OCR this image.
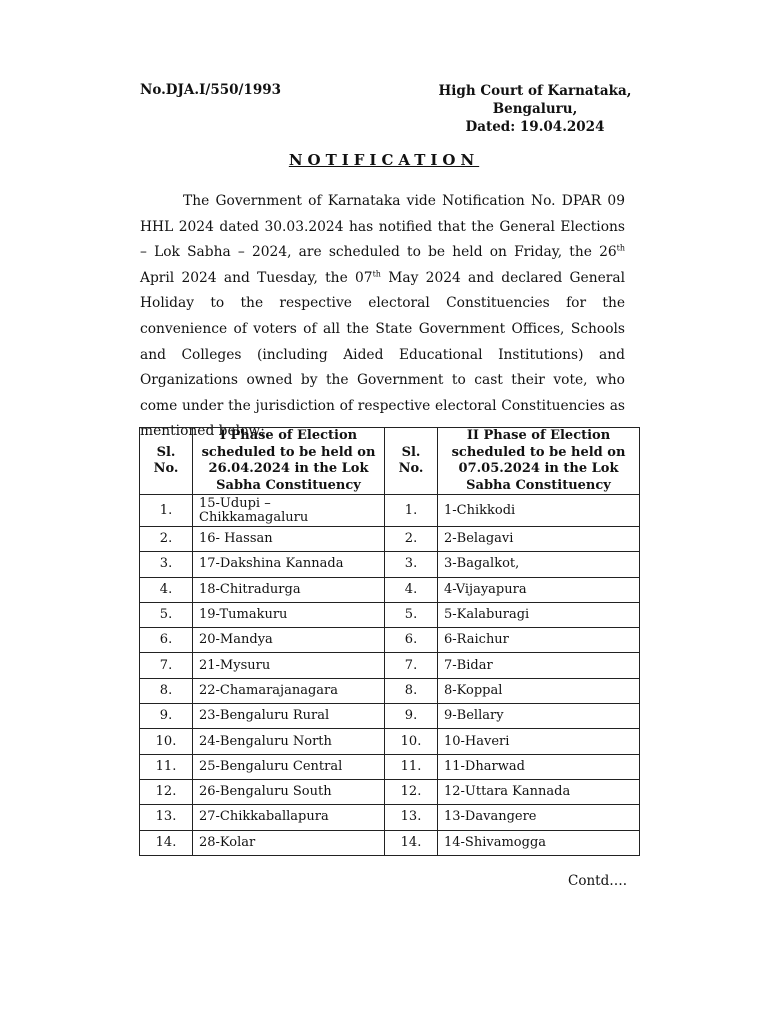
No.DJA.I/550/1993	High Court of Karnataka,
Bengaluru,
Dated: 19.04.2024
NOTIFICATION

The Government of Karnataka vide Notification No. DPAR 09 HHL 2024 dated 30.03.2024 has notified that the General Elections – Lok Sabha – 2024, are scheduled to be held on Friday, the 26th April 2024 and Tuesday, the 07th May 2024 and declared General Holiday to the respective electoral Constituencies for the convenience of voters of all the State Government Offices, Schools and Colleges (including Aided Educational Institutions) and Organizations owned by the Government to cast their vote, who come under the jurisdiction of respective electoral Constituencies as mentioned below:

Sl. No.	I Phase of Election scheduled to be held on 26.04.2024 in the Lok Sabha Constituency	Sl. No.	II Phase of Election scheduled to be held on 07.05.2024 in the Lok Sabha Constituency
1.	15-Udupi – Chikkamagaluru	1.	1-Chikkodi
2.	16- Hassan	2.	2-Belagavi
3.	17-Dakshina Kannada	3.	3-Bagalkot,
4.	18-Chitradurga	4.	4-Vijayapura
5.	19-Tumakuru	5.	5-Kalaburagi
6.	20-Mandya	6.	6-Raichur
7.	21-Mysuru	7.	7-Bidar
8.	22-Chamarajanagara	8.	8-Koppal
9.	23-Bengaluru Rural	9.	9-Bellary
10.	24-Bengaluru North	10.	10-Haveri
11.	25-Bengaluru Central	11.	11-Dharwad
12.	26-Bengaluru South	12.	12-Uttara Kannada
13.	27-Chikkaballapura	13.	13-Davangere
14.	28-Kolar	14.	14-Shivamogga
Contd….
